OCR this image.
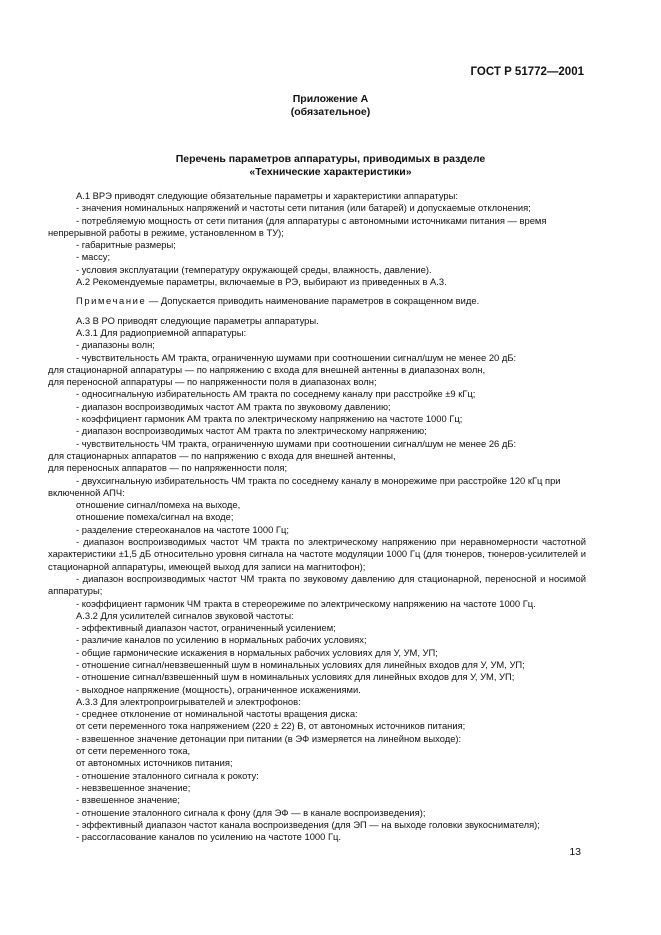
ГОСТ Р 51772—2001
Приложение А
(обязательное)
Перечень параметров аппаратуры, приводимых в разделе
«Технические характеристики»

А.1 ВРЭ приводят следующие обязательные параметры и характеристики аппаратуры:

- значения номинальных напряжений и частоты сети питания (или батарей) и допускаемые отклонения;

- потребляемую мощность от сети питания (для аппаратуры с автономными источниками питания — время непрерывной работы в режиме, установленном в ТУ);

- габаритные размеры;

- массу;

- условия эксплуатации (температуру окружающей среды, влажность, давление).

А.2 Рекомендуемые параметры, включаемые в РЭ, выбирают из приведенных в А.3.

Примечание — Допускается приводить наименование параметров в сокращенном виде.

А.3 В РО приводят следующие параметры аппаратуры.

А.3.1 Для радиоприемной аппаратуры:

- диапазоны волн;

- чувствительность АМ тракта, ограниченную шумами при соотношении сигнал/шум не менее 20 дБ:

для стационарной аппаратуры — по напряжению с входа для внешней антенны в диапазонах волн,

для переносной аппаратуры — по напряженности поля в диапазонах волн;

- односигнальную избирательность АМ тракта по соседнему каналу при расстройке ±9 кГц;

- диапазон воспроизводимых частот АМ тракта по звуковому давлению;

- коэффициент гармоник АМ тракта по электрическому напряжению на частоте 1000 Гц;

- диапазон воспроизводимых частот АМ тракта по электрическому напряжению;

- чувствительность ЧМ тракта, ограниченную шумами при соотношении сигнал/шум не менее 26 дБ:

для стационарных аппаратов — по напряжению с входа для внешней антенны,

для переносных аппаратов — по напряженности поля;

- двухсигнальную избирательность ЧМ тракта по соседнему каналу в монорежиме при расстройке 120 кГц при включенной АПЧ:

отношение сигнал/помеха на выходе,

отношение помеха/сигнал на входе;

- разделение стереоканалов на частоте 1000 Гц;

- диапазон воспроизводимых частот ЧМ тракта по электрическому напряжению при неравномерности частотной характеристики ±1,5 дБ относительно уровня сигнала на частоте модуляции 1000 Гц (для тюнеров, тюнеров-усилителей и стационарной аппаратуры, имеющей выход для записи на магнитофон);

- диапазон воспроизводимых частот ЧМ тракта по звуковому давлению для стационарной, переносной и носимой аппаратуры;

- коэффициент гармоник ЧМ тракта в стереорежиме по электрическому напряжению на частоте 1000 Гц.

А.3.2 Для усилителей сигналов звуковой частоты:

- эффективный диапазон частот, ограниченный усилением;

- различие каналов по усилению в нормальных рабочих условиях;

- общие гармонические искажения в нормальных рабочих условиях для У, УМ, УП;

- отношение сигнал/невзвешенный шум в номинальных условиях для линейных входов для У, УМ, УП;

- отношение сигнал/взвешенный шум в номинальных условиях для линейных входов для У, УМ, УП;

- выходное напряжение (мощность), ограниченное искажениями.

А.3.3 Для электропроигрывателей и электрофонов:

- среднее отклонение от номинальной частоты вращения диска:

от сети переменного тока напряжением (220 ± 22) В, от автономных источников питания;

- взвешенное значение детонации при питании (в ЭФ измеряется на линейном выходе):

от сети переменного тока,

от автономных источников питания;

- отношение эталонного сигнала к рокоту:

- невзвешенное значение;

- взвешенное значение;

- отношение эталонного сигнала к фону (для ЭФ — в канале воспроизведения);

- эффективный диапазон частот канала воспроизведения (для ЭП — на выходе головки звукоснимателя);

- рассогласование каналов по усилению на частоте 1000 Гц.

13
